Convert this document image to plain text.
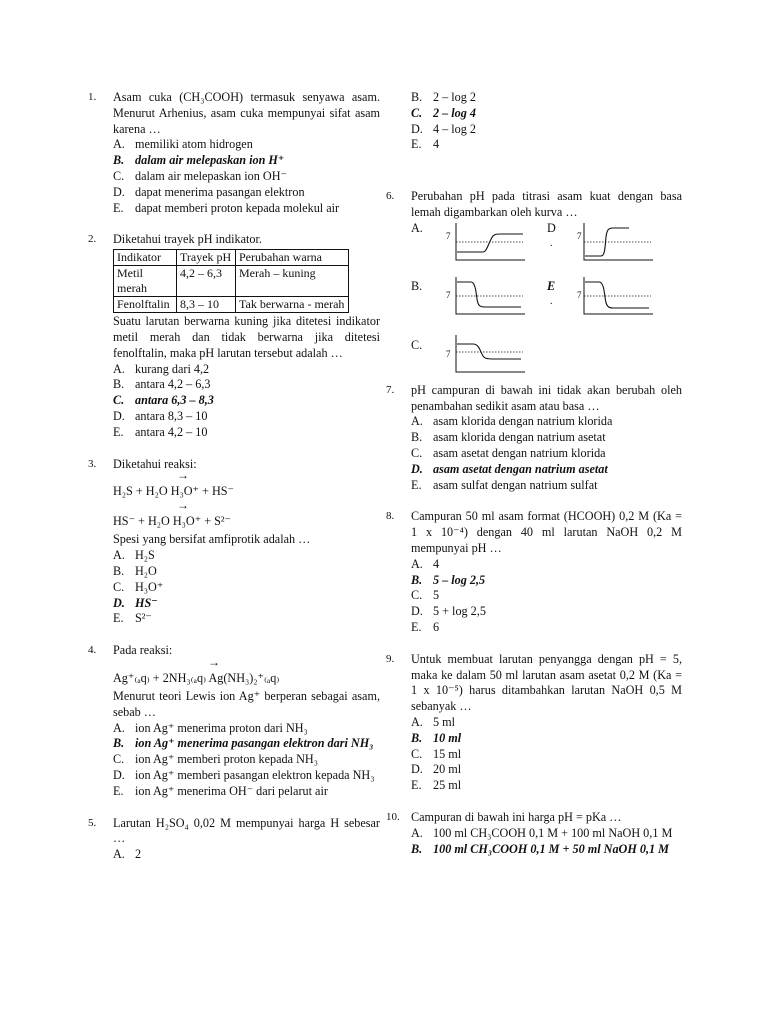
1. Asam cuka (CH₃COOH) termasuk senyawa asam. Menurut Arhenius, asam cuka mempunyai sifat asam karena …
A. memiliki atom hidrogen
B. dalam air melepaskan ion H⁺
C. dalam air melepaskan ion OH⁻
D. dapat menerima pasangan elektron
E. dapat memberi proton kepada molekul air
2. Diketahui trayek pH indikator.
Indikator	Trayek pH	Perubahan warna
Metil merah	4,2 – 6,3	Merah – kuning
Fenolftalin	8,3 – 10	Tak berwarna - merah
Suatu larutan berwarna kuning jika ditetesi indikator metil merah dan tidak berwarna jika ditetesi fenolftalin, maka pH larutan tersebut adalah …
A. kurang dari 4,2
B. antara 4,2 – 6,3
C. antara 6,3 – 8,3
D. antara 8,3 – 10
E. antara 4,2 – 10
3. Diketahui reaksi:
→
H₂S + H₂O H₃O⁺ + HS⁻
→
HS⁻ + H₂O H₃O⁺ + S²⁻
Spesi yang bersifat amfiprotik adalah …
A. H₂S
B. H₂O
C. H₃O⁺
D. HS⁻
E. S²⁻
4. Pada reaksi:
→
Ag⁺₍ₐq₎ + 2NH₃₍ₐq₎ Ag(NH₃)₂⁺₍ₐq₎
Menurut teori Lewis ion Ag⁺ berperan sebagai asam, sebab …
A. ion Ag⁺ menerima proton dari NH₃
B. ion Ag⁺ menerima pasangan elektron dari NH₃
C. ion Ag⁺ memberi proton kepada NH₃
D. ion Ag⁺ memberi pasangan elektron kepada NH₃
E. ion Ag⁺ menerima OH⁻ dari pelarut air
5. Larutan H₂SO₄ 0,02 M mempunyai harga H sebesar …
A. 2
B. 2 – log 2
C. 2 – log 4
D. 4 – log 2
E. 4
6. Perubahan pH pada titrasi asam kuat dengan basa lemah digambarkan oleh kurva …
A.
7
D
.
7
B.
7
E
.
7
C.
7
7. pH campuran di bawah ini tidak akan berubah oleh penambahan sedikit asam atau basa …
A. asam klorida dengan natrium klorida
B. asam klorida dengan natrium asetat
C. asam asetat dengan natrium klorida
D. asam asetat dengan natrium asetat
E. asam sulfat dengan natrium sulfat
8. Campuran 50 ml asam format (HCOOH) 0,2 M (Ka = 1 x 10⁻⁴) dengan 40 ml larutan NaOH 0,2 M mempunyai pH …
A. 4
B. 5 – log 2,5
C. 5
D. 5 + log 2,5
E. 6
9. Untuk membuat larutan penyangga dengan pH = 5, maka ke dalam 50 ml larutan asam asetat 0,2 M (Ka = 1 x 10⁻⁵) harus ditambahkan larutan NaOH 0,5 M sebanyak …
A. 5 ml
B. 10 ml
C. 15 ml
D. 20 ml
E. 25 ml
10. Campuran di bawah ini harga pH = pKa …
A. 100 ml CH₃COOH 0,1 M + 100 ml NaOH 0,1 M
B. 100 ml CH₃COOH 0,1 M + 50 ml NaOH 0,1 M
